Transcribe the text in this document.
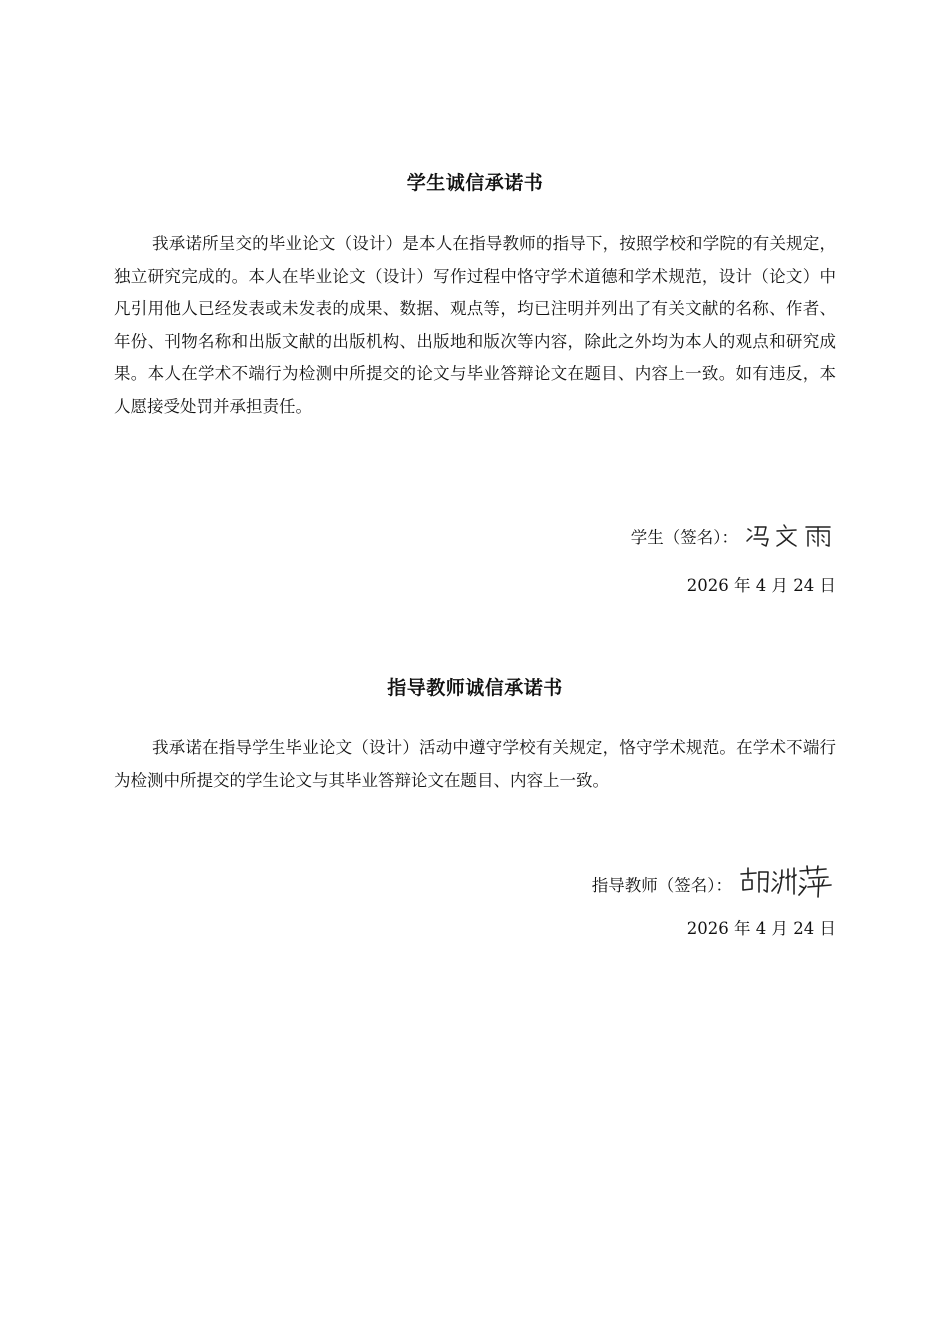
学生诚信承诺书
我承诺所呈交的毕业论文（设计）是本人在指导教师的指导下，按照学校和学院的有关规定，独立研究完成的。本人在毕业论文（设计）写作过程中恪守学术道德和学术规范，设计（论文）中凡引用他人已经发表或未发表的成果、数据、观点等，均已注明并列出了有关文献的名称、作者、年份、刊物名称和出版文献的出版机构、出版地和版次等内容，除此之外均为本人的观点和研究成果。本人在学术不端行为检测中所提交的论文与毕业答辩论文在题目、内容上一致。如有违反，本人愿接受处罚并承担责任。
学生（签名）：
2026 年 4 月 24 日
指导教师诚信承诺书
我承诺在指导学生毕业论文（设计）活动中遵守学校有关规定，恪守学术规范。在学术不端行为检测中所提交的学生论文与其毕业答辩论文在题目、内容上一致。
指导教师（签名）：
2026 年 4 月 24 日
